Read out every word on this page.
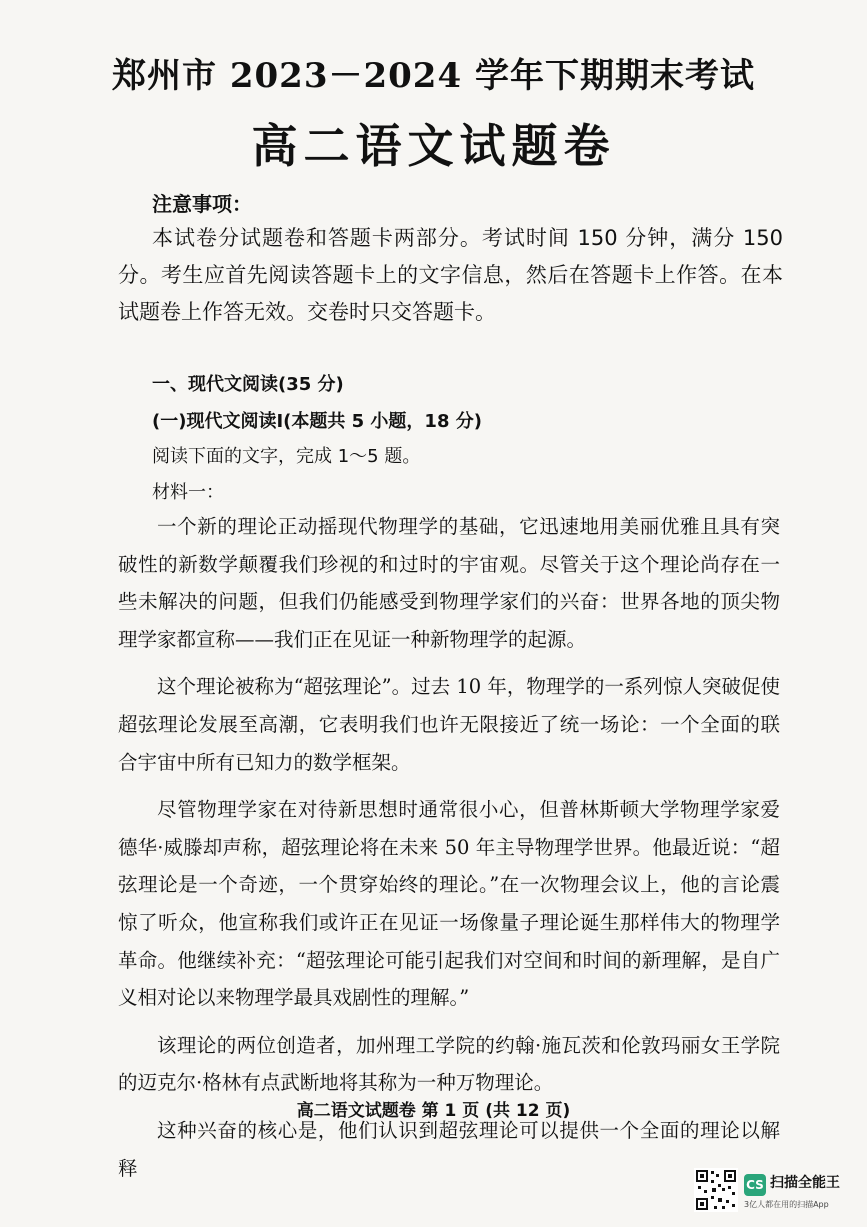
郑州市 2023－2024 学年下期期末考试
高二语文试题卷
注意事项：

本试卷分试题卷和答题卡两部分。考试时间 150 分钟，满分 150 分。考生应首先阅读答题卡上的文字信息，然后在答题卡上作答。在本试题卷上作答无效。交卷时只交答题卡。

一、现代文阅读(35 分)
(一)现代文阅读Ⅰ(本题共 5 小题，18 分)
阅读下面的文字，完成 1～5 题。
材料一：

一个新的理论正动摇现代物理学的基础，它迅速地用美丽优雅且具有突破性的新数学颠覆我们珍视的和过时的宇宙观。尽管关于这个理论尚存在一些未解决的问题，但我们仍能感受到物理学家们的兴奋：世界各地的顶尖物理学家都宣称——我们正在见证一种新物理学的起源。

这个理论被称为“超弦理论”。过去 10 年，物理学的一系列惊人突破促使超弦理论发展至高潮，它表明我们也许无限接近了统一场论：一个全面的联合宇宙中所有已知力的数学框架。

尽管物理学家在对待新思想时通常很小心，但普林斯顿大学物理学家爱德华·威滕却声称，超弦理论将在未来 50 年主导物理学世界。他最近说：“超弦理论是一个奇迹，一个贯穿始终的理论。”在一次物理会议上，他的言论震惊了听众，他宣称我们或许正在见证一场像量子理论诞生那样伟大的物理学革命。他继续补充：“超弦理论可能引起我们对空间和时间的新理解，是自广义相对论以来物理学最具戏剧性的理解。”

该理论的两位创造者，加州理工学院的约翰·施瓦茨和伦敦玛丽女王学院的迈克尔·格林有点武断地将其称为一种万物理论。

这种兴奋的核心是，他们认识到超弦理论可以提供一个全面的理论以解释

高二语文试题卷 第 1 页 (共 12 页)
CS 扫描全能王
3亿人都在用的扫描App
